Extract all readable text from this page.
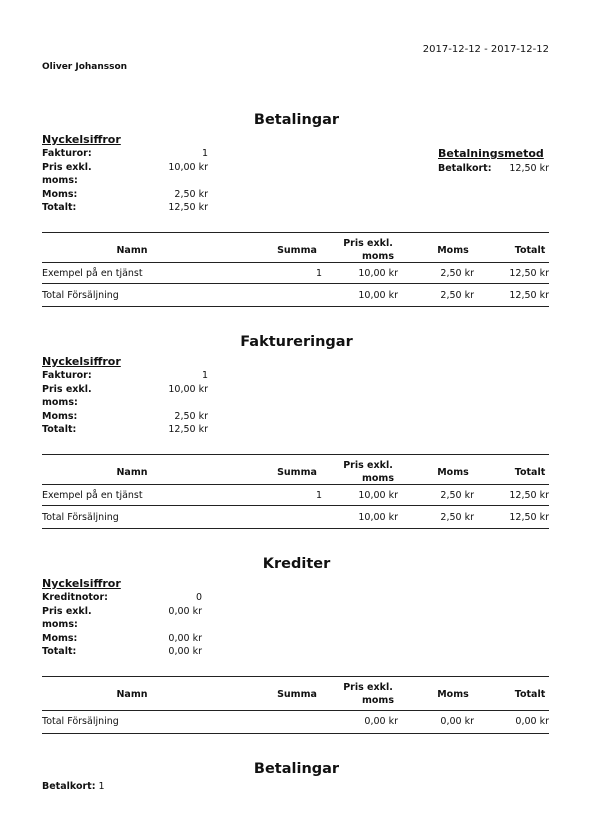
2017-12-12 - 2017-12-12
Oliver Johansson
Betalingar
Nyckelsiffror
Fakturor:	1
Pris exkl. moms:
10,00 kr
Moms:	2,50 kr
Totalt:	12,50 kr
Betalningsmetod
Betalkort:	12,50 kr
Namn	Summa
Pris exkl.
moms
Moms	Totalt
Exempel på en tjänst	1	10,00 kr	2,50 kr	12,50 kr
Total Försäljning	10,00 kr	2,50 kr	12,50 kr
Faktureringar
Nyckelsiffror
Fakturor:	1
Pris exkl. moms:
10,00 kr
Moms:	2,50 kr
Totalt:	12,50 kr
Namn	Summa
Pris exkl.
moms
Moms	Totalt
Exempel på en tjänst	1	10,00 kr	2,50 kr	12,50 kr
Total Försäljning	10,00 kr	2,50 kr	12,50 kr
Krediter
Nyckelsiffror
Kreditnotor:	0
Pris exkl. moms:
0,00 kr
Moms:	0,00 kr
Totalt:	0,00 kr
Namn	Summa
Pris exkl.
moms
Moms	Totalt
Total Försäljning	0,00 kr	0,00 kr	0,00 kr
Betalingar
Betalkort: 1
